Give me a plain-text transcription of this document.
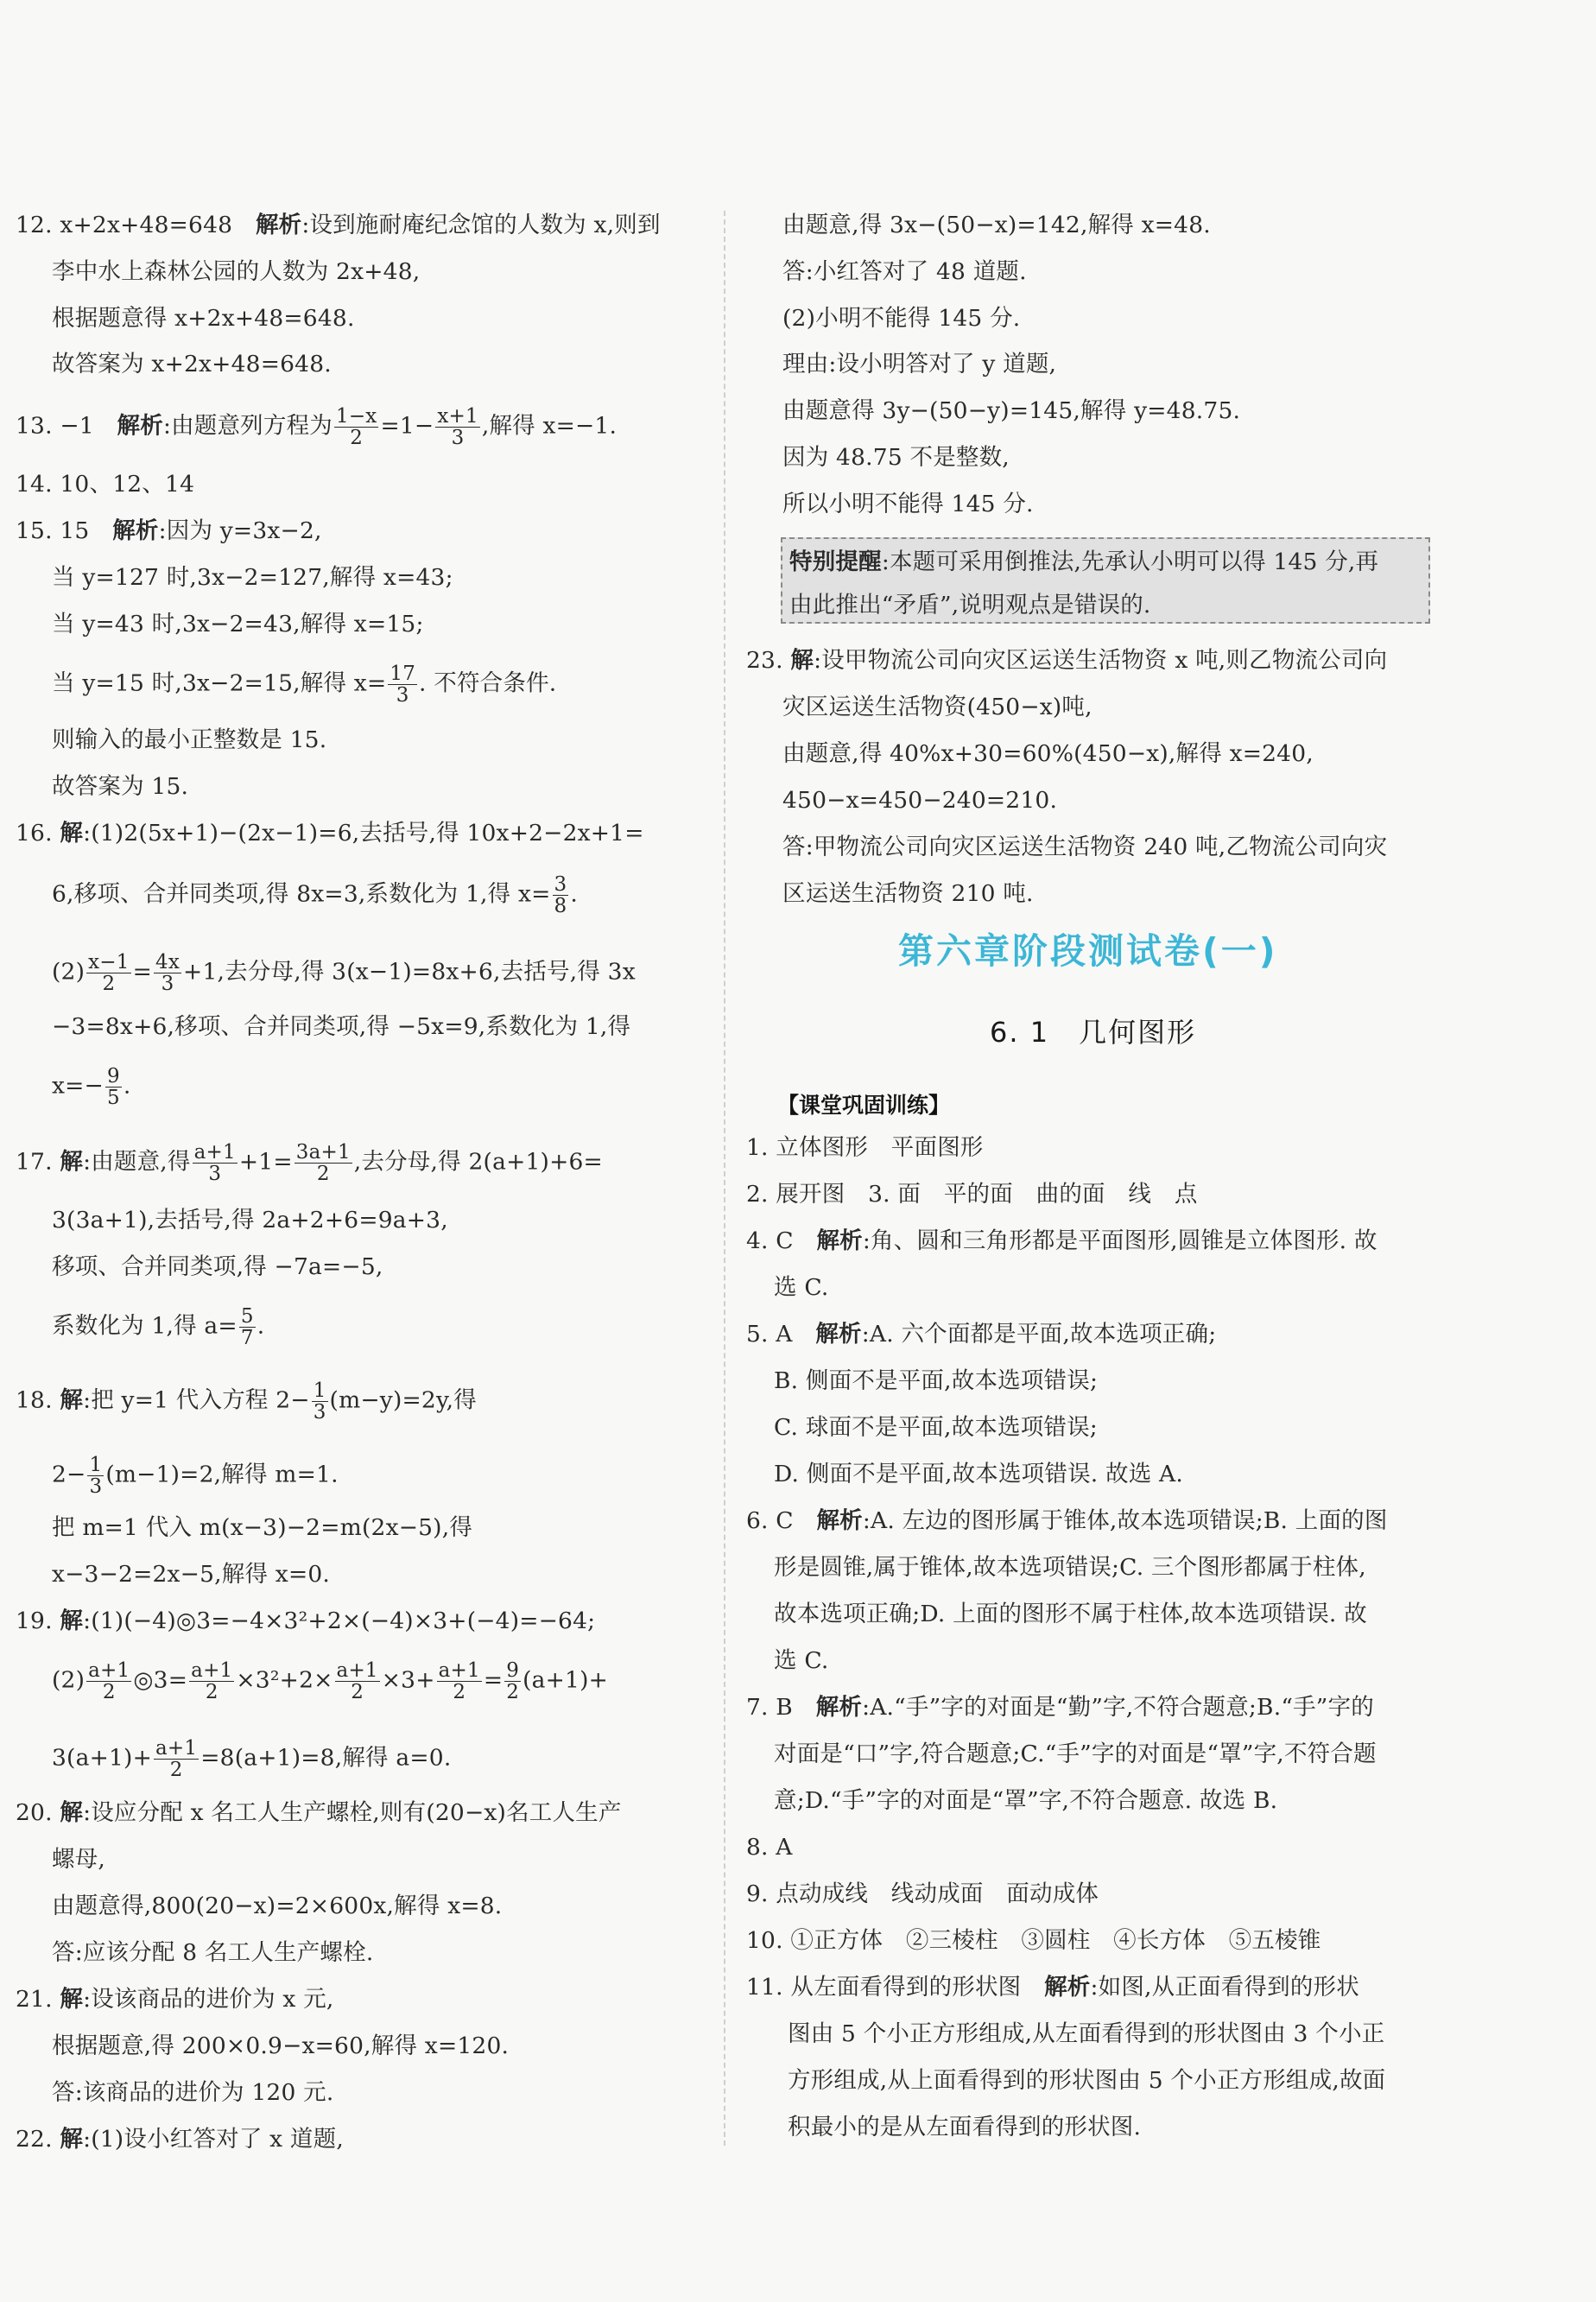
12. x+2x+48=648　解析:设到施耐庵纪念馆的人数为 x,则到
李中水上森林公园的人数为 2x+48,
根据题意得 x+2x+48=648.
故答案为 x+2x+48=648.
13. −1　解析:由题意列方程为 $\frac{1-x}{2} =1- \frac{x+1}{3}$ ,解得 x=−1.
14. 10、12、14
15. 15　解析:因为 y=3x−2,
当 y=127 时,3x−2=127,解得 x=43;
当 y=43 时,3x−2=43,解得 x=15;
当 y=15 时,3x−2=15,解得 $x= \frac{17}{3}$ . 不符合条件.
则输入的最小正整数是 15.
故答案为 15.
16. 解:(1)2(5x+1)−(2x−1)=6,去括号,得 10x+2−2x+1=
6,移项、合并同类项,得 8x=3,系数化为 1,得 $x= \frac{3}{8}$ .
$(2) \frac{x-1}{2} = \frac{4x}{3} +1$,去分母,得 3(x−1)=8x+6,去括号,得 3x
−3=8x+6,移项、合并同类项,得 −5x=9,系数化为 1,得
$x=- \frac{9}{5}$ .
17. 解:由题意,得 $\frac{a+1}{3} +1= \frac{3a+1}{2}$ ,去分母,得 2(a+1)+6=
3(3a+1),去括号,得 2a+2+6=9a+3,
移项、合并同类项,得 −7a=−5,
系数化为 1,得 $a= \frac{5}{7}$ .
18. 解:把 y=1 代入方程 $2- \frac{1}{3} (m-y)=2y$,得
$2- \frac{1}{3} (m-1)=2$,解得 m=1.
把 m=1 代入 m(x−3)−2=m(2x−5),得
x−3−2=2x−5,解得 x=0.
19. 解:(1)(−4)◎3=−4×3²+2×(−4)×3+(−4)=−64;
$(2) \frac{a+1}{2}$ ◎3= $\frac{a+1}{2} \times 3^2+2\times \frac{a+1}{2} \times 3+ \frac{a+1}{2} = \frac{9}{2} (a+1)+$
$3(a+1)+ \frac{a+1}{2} =8(a+1)=8$,解得 a=0.
20. 解:设应分配 x 名工人生产螺栓,则有(20−x)名工人生产
螺母,
由题意得,800(20−x)=2×600x,解得 x=8.
答:应该分配 8 名工人生产螺栓.
21. 解:设该商品的进价为 x 元,
根据题意,得 200×0.9−x=60,解得 x=120.
答:该商品的进价为 120 元.
22. 解:(1)设小红答对了 x 道题,
由题意,得 3x−(50−x)=142,解得 x=48.
答:小红答对了 48 道题.
(2)小明不能得 145 分.
理由:设小明答对了 y 道题,
由题意得 3y−(50−y)=145,解得 y=48.75.
因为 48.75 不是整数,
所以小明不能得 145 分.
特别提醒:本题可采用倒推法,先承认小明可以得 145 分,再
由此推出“矛盾”,说明观点是错误的.
23. 解:设甲物流公司向灾区运送生活物资 x 吨,则乙物流公司向
灾区运送生活物资(450−x)吨,
由题意,得 40%x+30=60%(450−x),解得 x=240,
450−x=450−240=210.
答:甲物流公司向灾区运送生活物资 240 吨,乙物流公司向灾
区运送生活物资 210 吨.
第六章阶段测试卷(一)
6. 1　几何图形
【课堂巩固训练】
1. 立体图形　平面图形
2. 展开图　3. 面　平的面　曲的面　线　点
4. C　解析:角、圆和三角形都是平面图形,圆锥是立体图形. 故
选 C.
5. A　解析:A. 六个面都是平面,故本选项正确;
B. 侧面不是平面,故本选项错误;
C. 球面不是平面,故本选项错误;
D. 侧面不是平面,故本选项错误. 故选 A.
6. C　解析:A. 左边的图形属于锥体,故本选项错误;B. 上面的图
形是圆锥,属于锥体,故本选项错误;C. 三个图形都属于柱体,
故本选项正确;D. 上面的图形不属于柱体,故本选项错误. 故
选 C.
7. B　解析:A.“手”字的对面是“勤”字,不符合题意;B.“手”字的
对面是“口”字,符合题意;C.“手”字的对面是“罩”字,不符合题
意;D.“手”字的对面是“罩”字,不符合题意. 故选 B.
8. A
9. 点动成线　线动成面　面动成体
10. ①正方体　②三棱柱　③圆柱　④长方体　⑤五棱锥
11. 从左面看得到的形状图　解析:如图,从正面看得到的形状
图由 5 个小正方形组成,从左面看得到的形状图由 3 个小正
方形组成,从上面看得到的形状图由 5 个小正方形组成,故面
积最小的是从左面看得到的形状图.
